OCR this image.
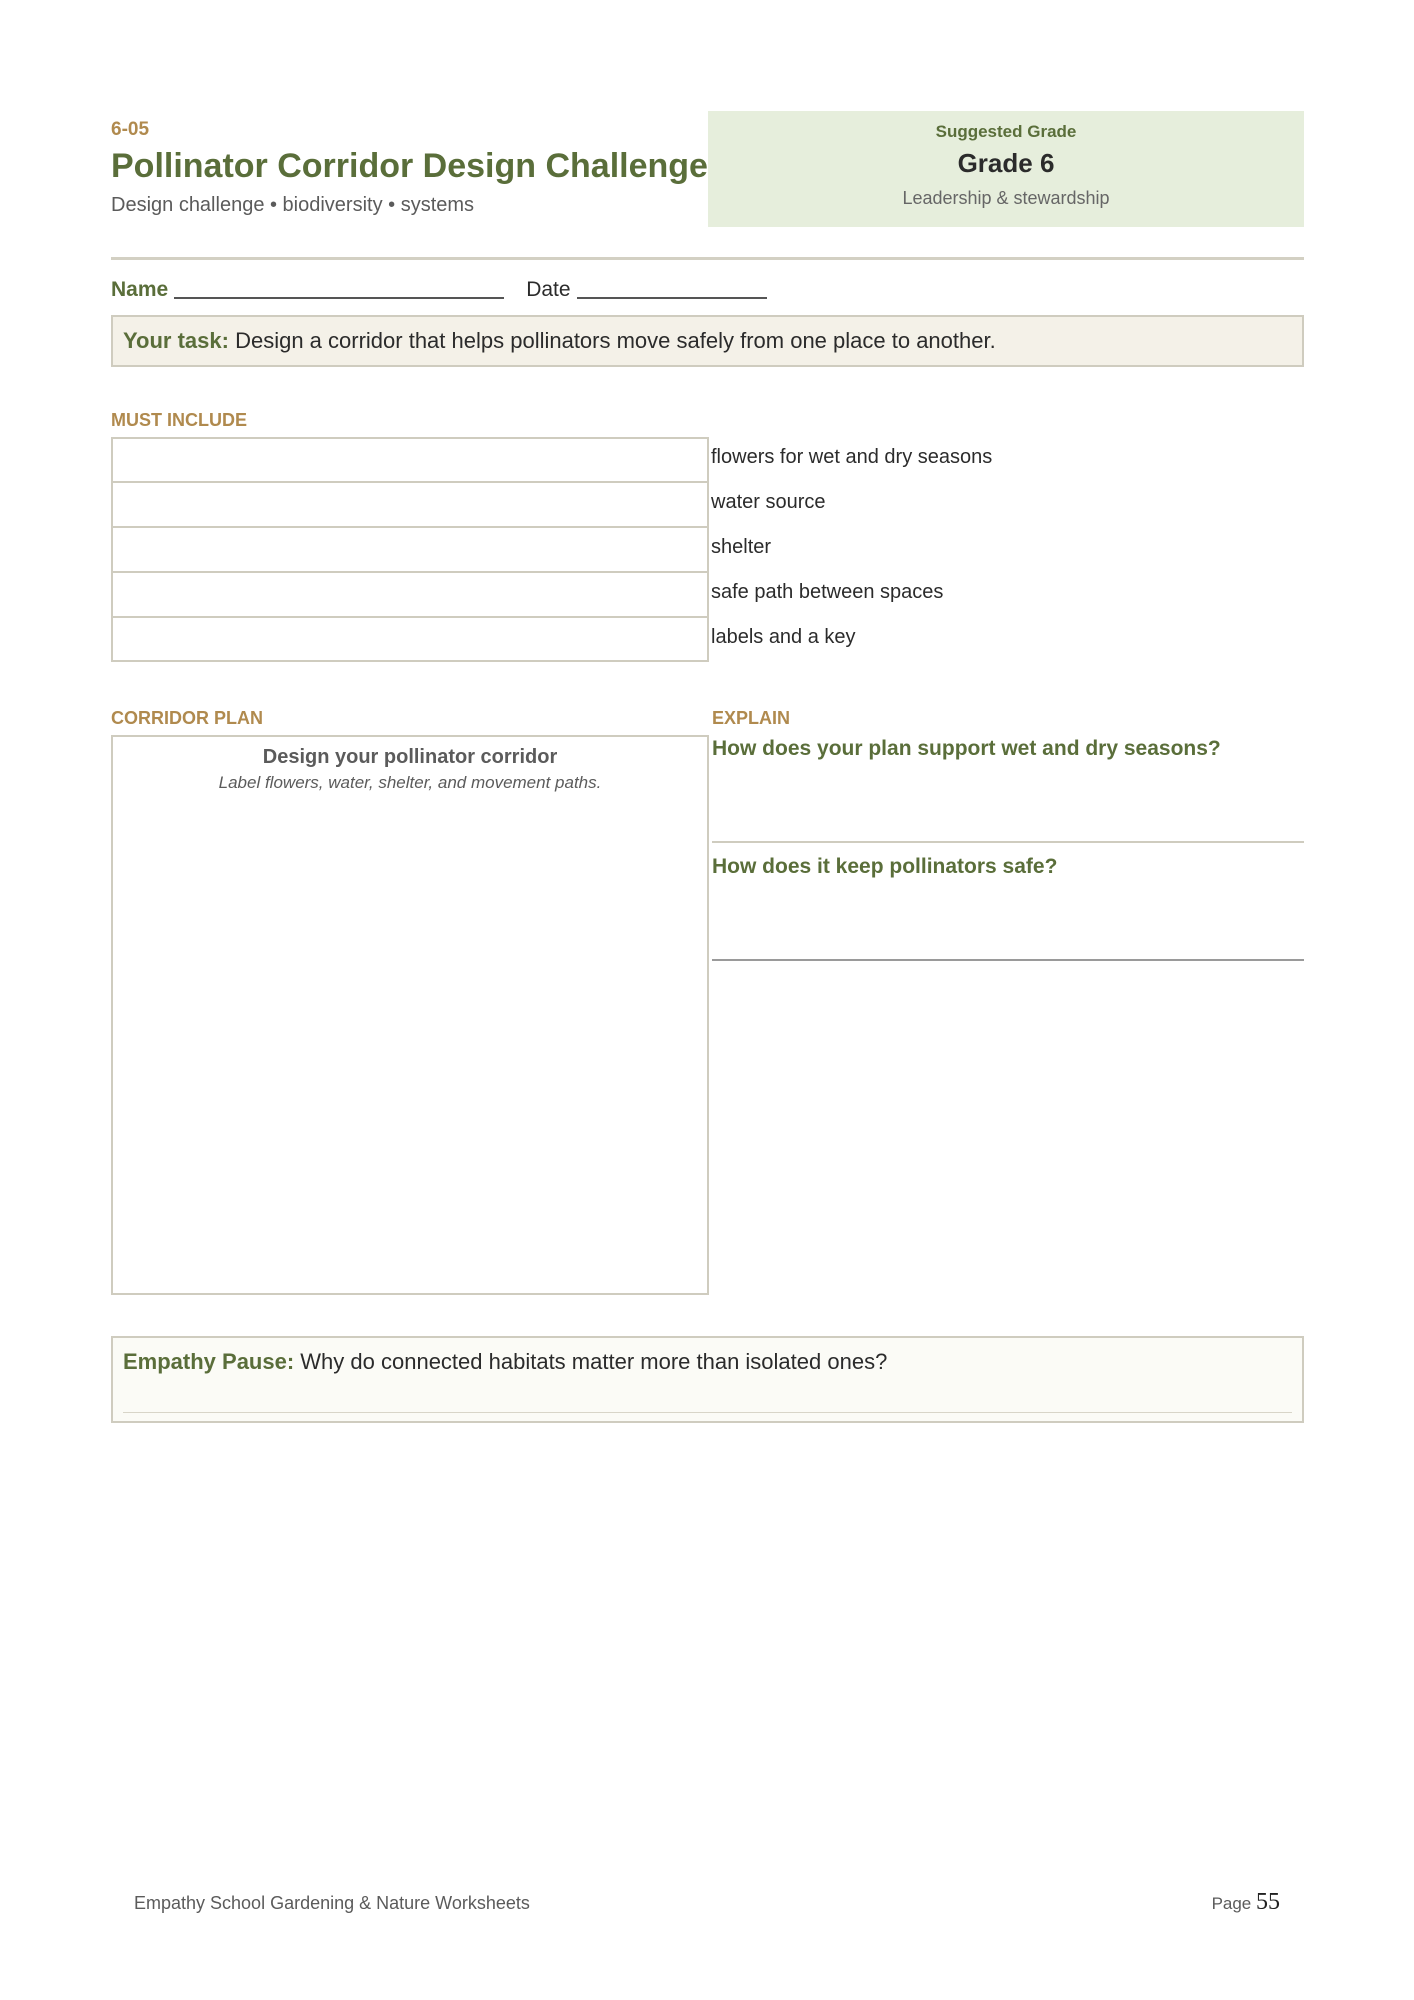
6-05
Pollinator Corridor Design Challenge
Design challenge • biodiversity • systems
Suggested Grade
Grade 6
Leadership & stewardship
Name	Date
Your task: Design a corridor that helps pollinators move safely from one place to another.
MUST INCLUDE
flowers for wet and dry seasons
water source
shelter
safe path between spaces
labels and a key
CORRIDOR PLAN	EXPLAIN
Design your pollinator corridor
Label flowers, water, shelter, and movement paths.
How does your plan support wet and dry seasons?
How does it keep pollinators safe?
Empathy Pause: Why do connected habitats matter more than isolated ones?
Empathy School Gardening & Nature Worksheets	Page 55
